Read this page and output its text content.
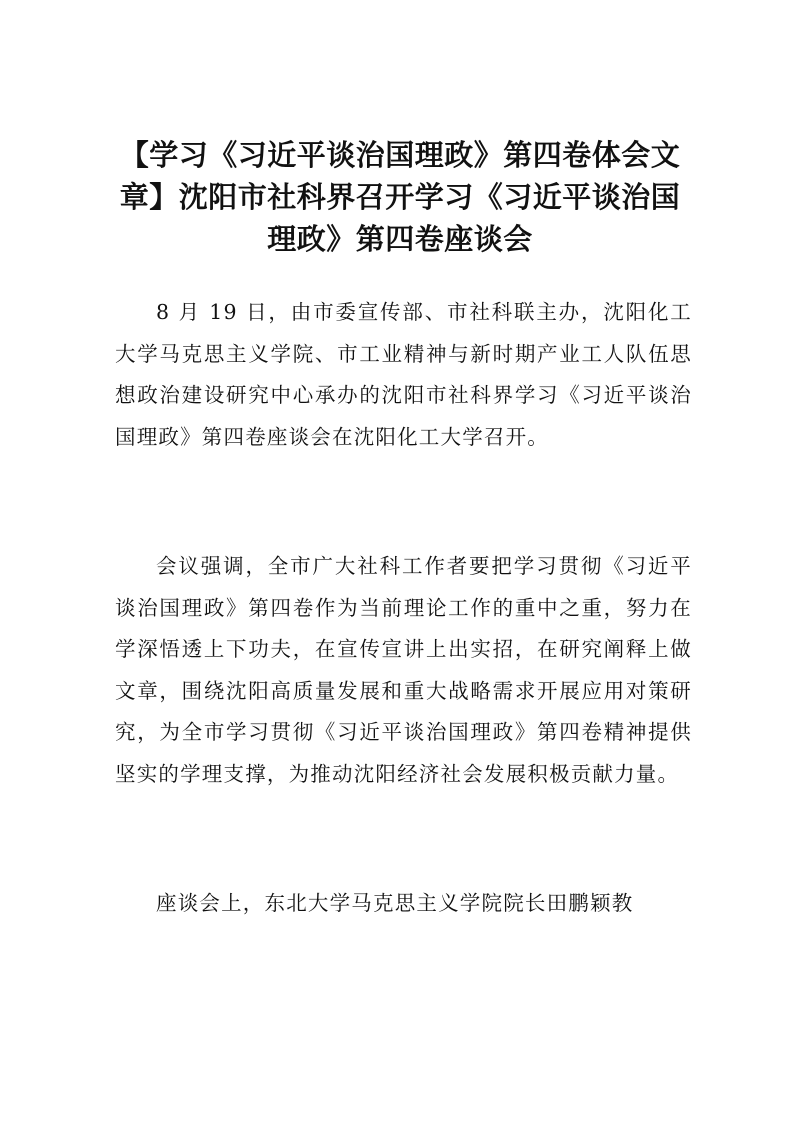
【学习《习近平谈治国理政》第四卷体会文章】沈阳市社科界召开学习《习近平谈治国理政》第四卷座谈会

8 月 19 日，由市委宣传部、市社科联主办，沈阳化工大学马克思主义学院、市工业精神与新时期产业工人队伍思想政治建设研究中心承办的沈阳市社科界学习《习近平谈治国理政》第四卷座谈会在沈阳化工大学召开。

会议强调，全市广大社科工作者要把学习贯彻《习近平谈治国理政》第四卷作为当前理论工作的重中之重，努力在学深悟透上下功夫，在宣传宣讲上出实招，在研究阐释上做文章，围绕沈阳高质量发展和重大战略需求开展应用对策研究，为全市学习贯彻《习近平谈治国理政》第四卷精神提供坚实的学理支撑，为推动沈阳经济社会发展积极贡献力量。

座谈会上，东北大学马克思主义学院院长田鹏颖教
